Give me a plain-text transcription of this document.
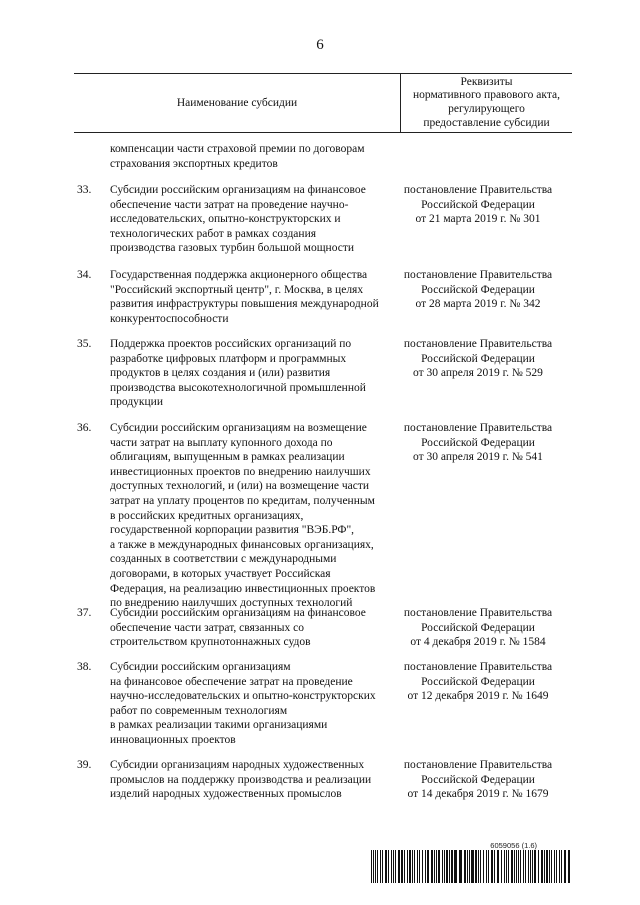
6
Наименование субсидии
Реквизиты
нормативного правового акта,
регулирующего
предоставление субсидии
компенсации части страховой премии по договорам
страхования экспортных кредитов
33. Субсидии российским организациям на финансовое
обеспечение части затрат на проведение научно-
исследовательских, опытно-конструкторских и
технологических работ в рамках создания
производства газовых турбин большой мощности
постановление Правительства
Российской Федерации
от 21 марта 2019 г. № 301
34. Государственная поддержка акционерного общества
"Российский экспортный центр", г. Москва, в целях
развития инфраструктуры повышения международной
конкурентоспособности
постановление Правительства
Российской Федерации
от 28 марта 2019 г. № 342
35. Поддержка проектов российских организаций по
разработке цифровых платформ и программных
продуктов в целях создания и (или) развития
производства высокотехнологичной промышленной
продукции
постановление Правительства
Российской Федерации
от 30 апреля 2019 г. № 529
36. Субсидии российским организациям на возмещение
части затрат на выплату купонного дохода по
облигациям, выпущенным в рамках реализации
инвестиционных проектов по внедрению наилучших
доступных технологий, и (или) на возмещение части
затрат на уплату процентов по кредитам, полученным
в российских кредитных организациях,
государственной корпорации развития "ВЭБ.РФ",
а также в международных финансовых организациях,
созданных в соответствии с международными
договорами, в которых участвует Российская
Федерация, на реализацию инвестиционных проектов
по внедрению наилучших доступных технологий
постановление Правительства
Российской Федерации
от 30 апреля 2019 г. № 541
37. Субсидии российским организациям на финансовое
обеспечение части затрат, связанных со
строительством крупнотоннажных судов
постановление Правительства
Российской Федерации
от 4 декабря 2019 г. № 1584
38. Субсидии российским организациям
на финансовое обеспечение затрат на проведение
научно-исследовательских и опытно-конструкторских
работ по современным технологиям
в рамках реализации такими организациями
инновационных проектов
постановление Правительства
Российской Федерации
от 12 декабря 2019 г. № 1649
39. Субсидии организациям народных художественных
промыслов на поддержку производства и реализации
изделий народных художественных промыслов
постановление Правительства
Российской Федерации
от 14 декабря 2019 г. № 1679
6059056 (1.6)
